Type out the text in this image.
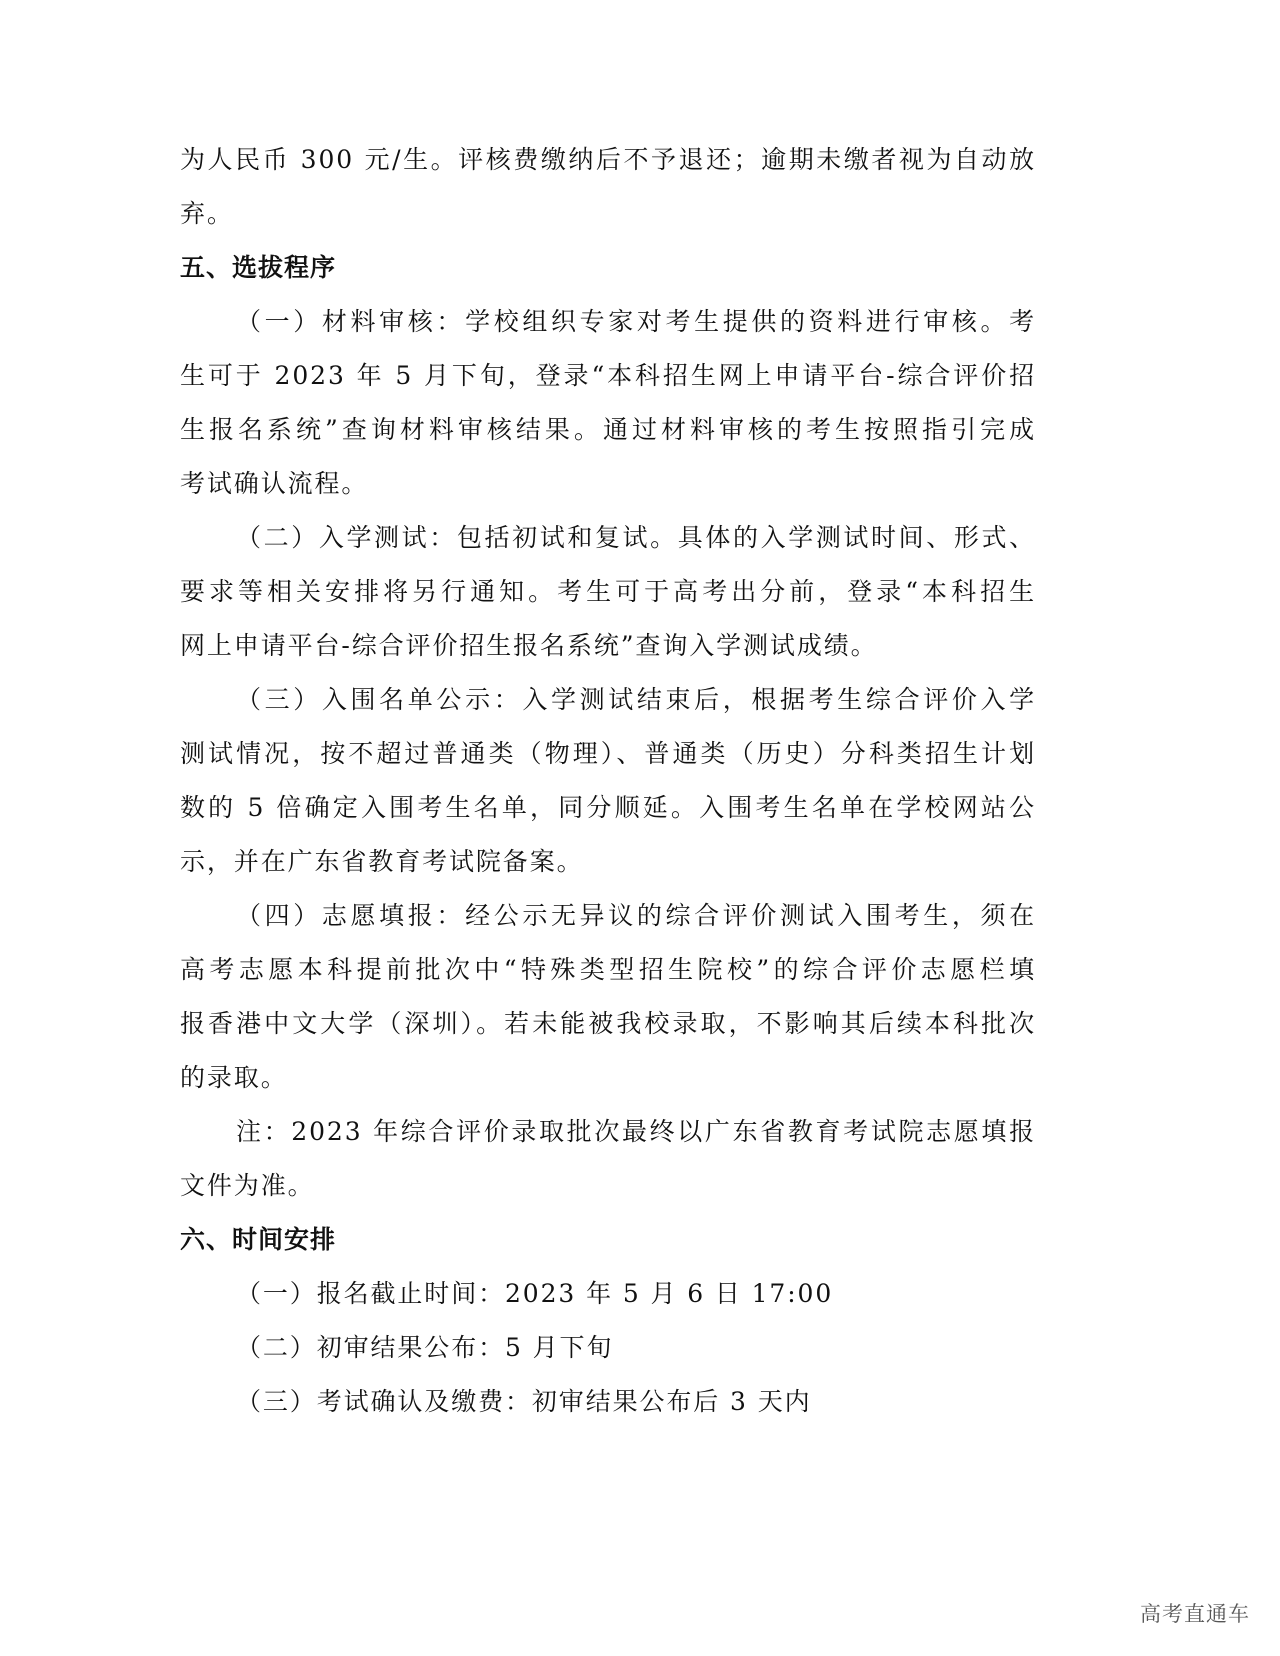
为人民币 300 元/生。评核费缴纳后不予退还；逾期未缴者视为自动放
弃。
五、选拔程序
（一）材料审核：学校组织专家对考生提供的资料进行审核。考
生可于 2023 年 5 月下旬，登录“本科招生网上申请平台-综合评价招
生报名系统”查询材料审核结果。通过材料审核的考生按照指引完成
考试确认流程。
（二）入学测试：包括初试和复试。具体的入学测试时间、形式、
要求等相关安排将另行通知。考生可于高考出分前，登录“本科招生
网上申请平台-综合评价招生报名系统”查询入学测试成绩。
（三）入围名单公示：入学测试结束后，根据考生综合评价入学
测试情况，按不超过普通类（物理）、普通类（历史）分科类招生计划
数的 5 倍确定入围考生名单，同分顺延。入围考生名单在学校网站公
示，并在广东省教育考试院备案。
（四）志愿填报：经公示无异议的综合评价测试入围考生，须在
高考志愿本科提前批次中“特殊类型招生院校”的综合评价志愿栏填
报香港中文大学（深圳）。若未能被我校录取，不影响其后续本科批次
的录取。
注：2023 年综合评价录取批次最终以广东省教育考试院志愿填报
文件为准。
六、时间安排
（一）报名截止时间：2023 年 5 月 6 日 17:00
（二）初审结果公布：5 月下旬
（三）考试确认及缴费：初审结果公布后 3 天内
高考直通车
